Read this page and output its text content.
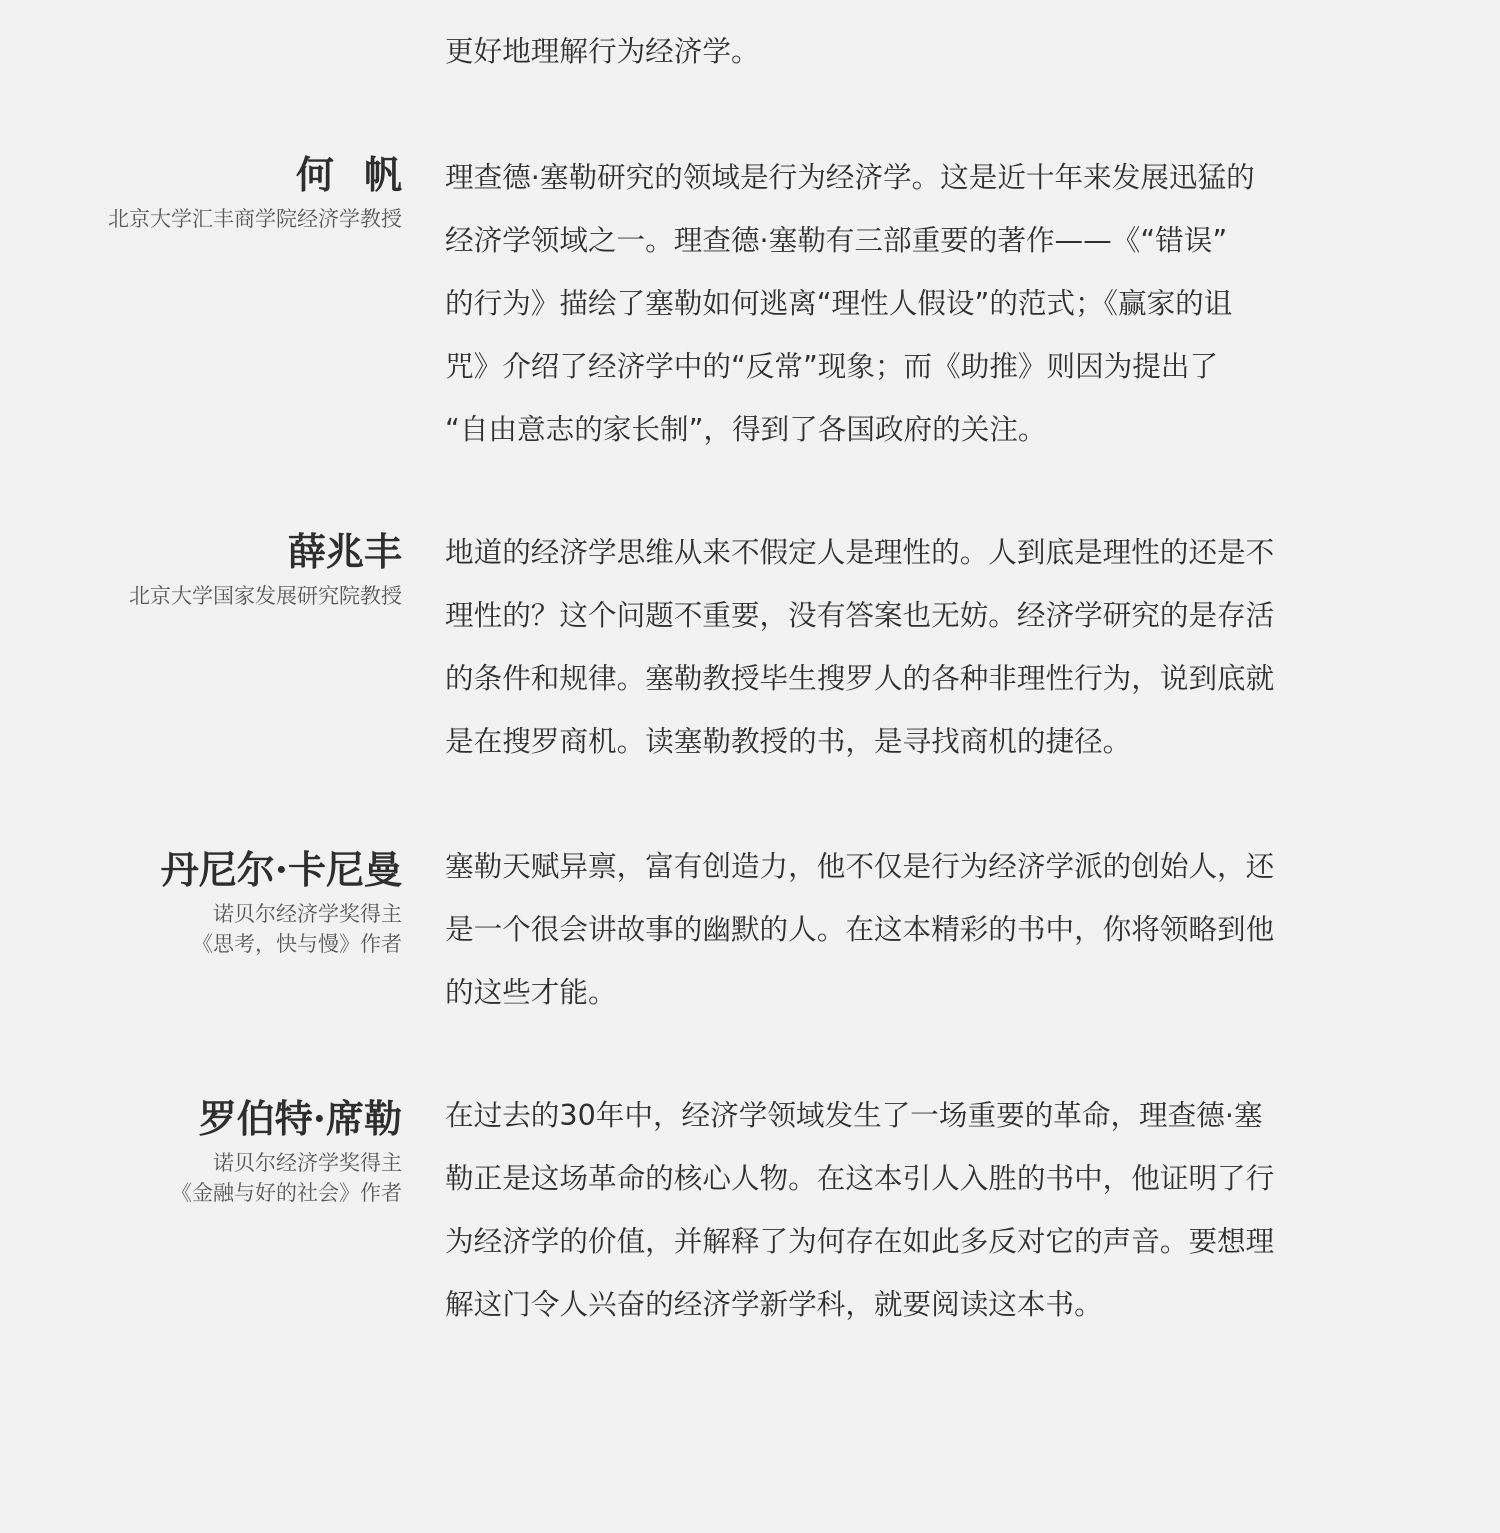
更好地理解行为经济学。
何帆
北京大学汇丰商学院经济学教授
理查德·塞勒研究的领域是行为经济学。这是近十年来发展迅猛的
经济学领域之一。理查德·塞勒有三部重要的著作——《“错误”
的行为》描绘了塞勒如何逃离“理性人假设”的范式；《赢家的诅
咒》介绍了经济学中的“反常”现象；而《助推》则因为提出了
“自由意志的家长制”，得到了各国政府的关注。
薛兆丰
北京大学国家发展研究院教授
地道的经济学思维从来不假定人是理性的。人到底是理性的还是不
理性的？这个问题不重要，没有答案也无妨。经济学研究的是存活
的条件和规律。塞勒教授毕生搜罗人的各种非理性行为，说到底就
是在搜罗商机。读塞勒教授的书，是寻找商机的捷径。
丹尼尔·卡尼曼
诺贝尔经济学奖得主
《思考，快与慢》作者
塞勒天赋异禀，富有创造力，他不仅是行为经济学派的创始人，还
是一个很会讲故事的幽默的人。在这本精彩的书中，你将领略到他
的这些才能。
罗伯特·席勒
诺贝尔经济学奖得主
《金融与好的社会》作者
在过去的30年中，经济学领域发生了一场重要的革命，理查德·塞
勒正是这场革命的核心人物。在这本引人入胜的书中，他证明了行
为经济学的价值，并解释了为何存在如此多反对它的声音。要想理
解这门令人兴奋的经济学新学科，就要阅读这本书。
